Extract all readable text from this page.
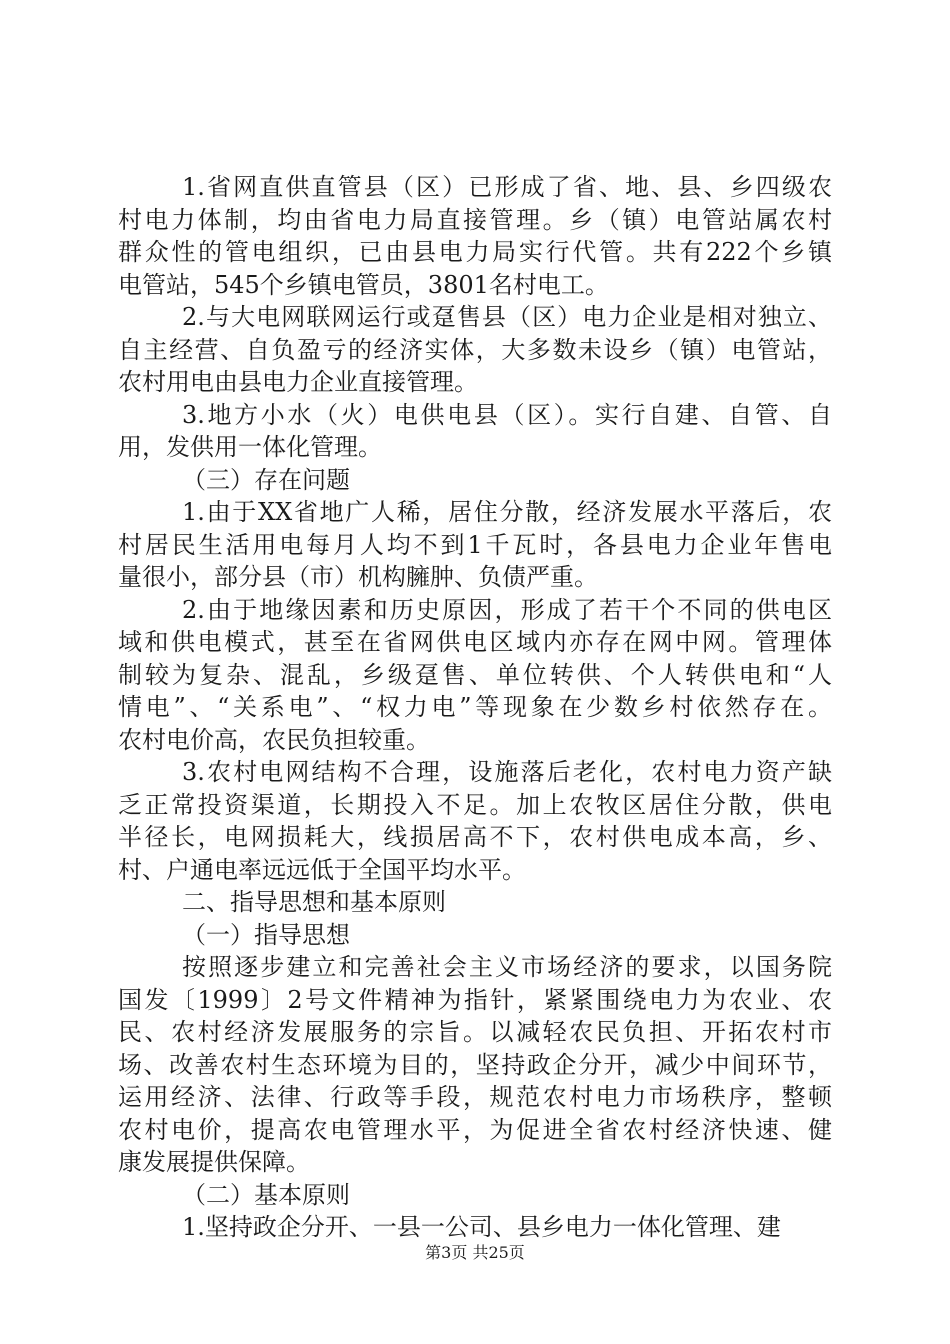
1.省网直供直管县（区）已形成了省、地、县、乡四级农
村电力体制，均由省电力局直接管理。乡（镇）电管站属农村
群众性的管电组织，已由县电力局实行代管。共有222个乡镇
电管站，545个乡镇电管员，3801名村电工。
2.与大电网联网运行或趸售县（区）电力企业是相对独立、
自主经营、自负盈亏的经济实体，大多数未设乡（镇）电管站，
农村用电由县电力企业直接管理。
3.地方小水（火）电供电县（区）。实行自建、自管、自
用，发供用一体化管理。
（三）存在问题
1.由于XX省地广人稀，居住分散，经济发展水平落后，农
村居民生活用电每月人均不到1千瓦时，各县电力企业年售电
量很小，部分县（市）机构臃肿、负债严重。
2.由于地缘因素和历史原因，形成了若干个不同的供电区
域和供电模式，甚至在省网供电区域内亦存在网中网。管理体
制较为复杂、混乱，乡级趸售、单位转供、个人转供电和“人
情电”、“关系电”、“权力电”等现象在少数乡村依然存在。
农村电价高，农民负担较重。
3.农村电网结构不合理，设施落后老化，农村电力资产缺
乏正常投资渠道，长期投入不足。加上农牧区居住分散，供电
半径长，电网损耗大，线损居高不下，农村供电成本高，乡、
村、户通电率远远低于全国平均水平。
二、指导思想和基本原则
（一）指导思想
按照逐步建立和完善社会主义市场经济的要求，以国务院
国发〔1999〕2号文件精神为指针，紧紧围绕电力为农业、农
民、农村经济发展服务的宗旨。以减轻农民负担、开拓农村市
场、改善农村生态环境为目的，坚持政企分开，减少中间环节，
运用经济、法律、行政等手段，规范农村电力市场秩序，整顿
农村电价，提高农电管理水平，为促进全省农村经济快速、健
康发展提供保障。
（二）基本原则
1.坚持政企分开、一县一公司、县乡电力一体化管理、建
第3页 共25页
